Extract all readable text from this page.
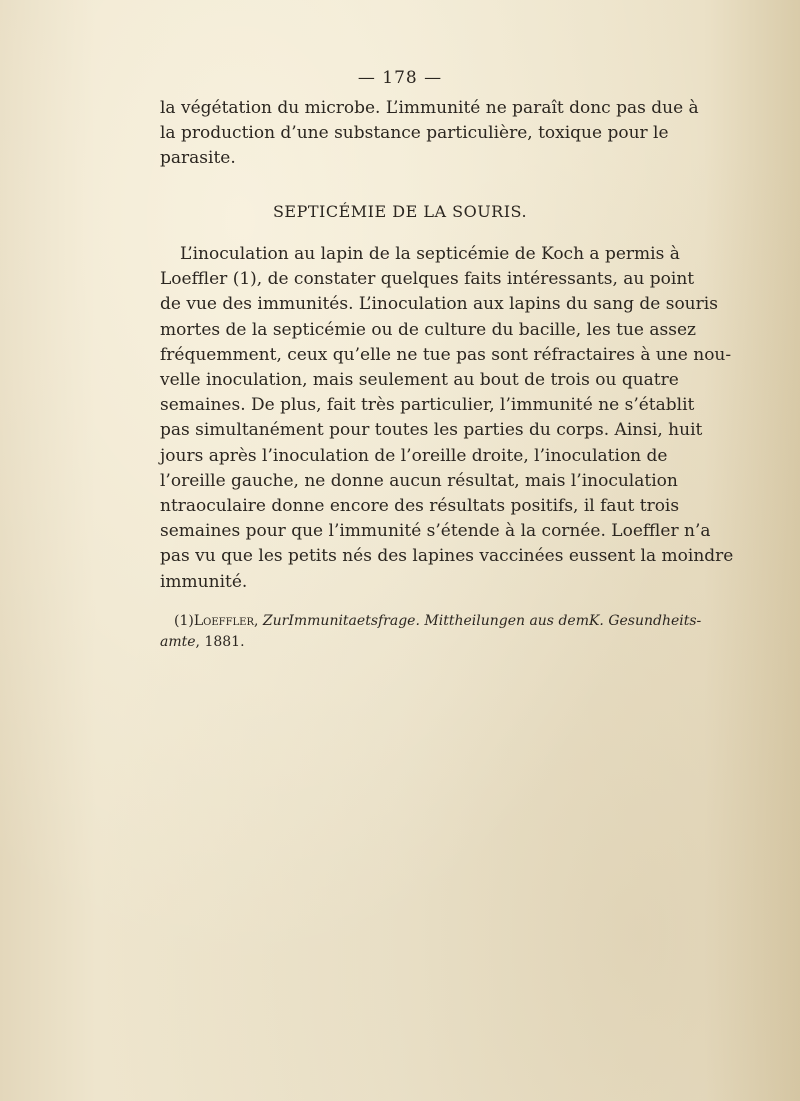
— 178 —

la végétation du microbe. L’immunité ne paraît donc pas due à
la production d’une substance particulière, toxique pour le
parasite.

SEPTICÉMIE DE LA SOURIS.

L’inoculation au lapin de la septicémie de Koch a permis à
Loeffler (1), de constater quelques faits intéressants, au point
de vue des immunités. L’inoculation aux lapins du sang de souris
mortes de la septicémie ou de culture du bacille, les tue assez
fréquemment, ceux qu’elle ne tue pas sont réfractaires à une nou-
velle inoculation, mais seulement au bout de trois ou quatre
semaines. De plus, fait très particulier, l’immunité ne s’établit
pas simultanément pour toutes les parties du corps. Ainsi, huit
jours après l’inoculation de l’oreille droite, l’inoculation de
l’oreille gauche, ne donne aucun résultat, mais l’inoculation
ntraoculaire donne encore des résultats positifs, il faut trois
semaines pour que l’immunité s’étende à la cornée. Loeffler n’a
pas vu que les petits nés des lapines vaccinées eussent la moindre
immunité.

(1)Loeffler, ZurImmunitaetsfrage. Mittheilungen aus demK. Gesundheits-
amte, 1881.
